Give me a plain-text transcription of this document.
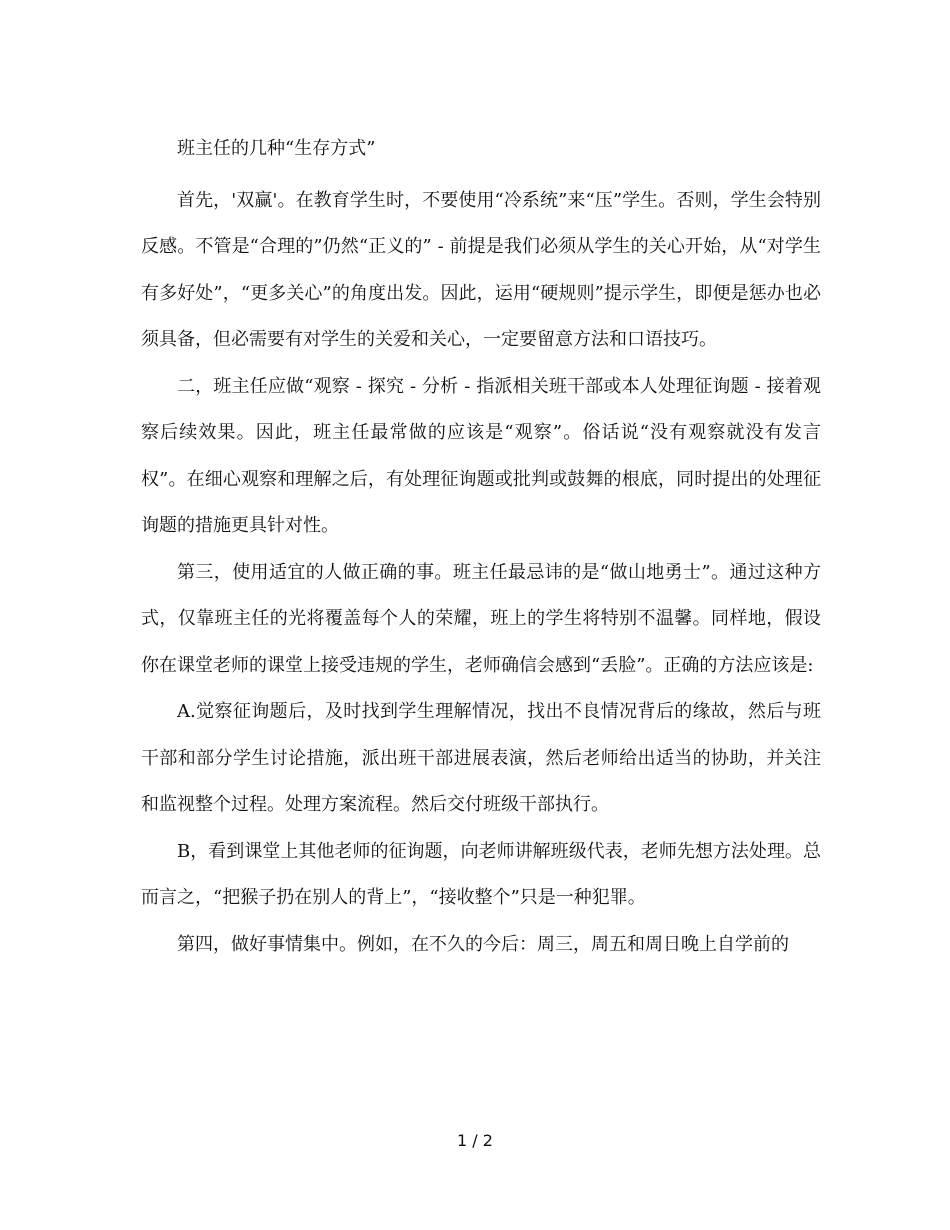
班主任的几种“生存方式”

首先，'双赢'。在教育学生时，不要使用“冷系统”来“压”学生。否则，学生会特别反感。不管是“合理的”仍然“正义的” - 前提是我们必须从学生的关心开始，从“对学生有多好处”，“更多关心”的角度出发。因此，运用“硬规则”提示学生，即便是惩办也必须具备，但必需要有对学生的关爱和关心，一定要留意方法和口语技巧。

二，班主任应做“观察 - 探究 - 分析 - 指派相关班干部或本人处理征询题 - 接着观察后续效果。因此，班主任最常做的应该是“观察”。俗话说“没有观察就没有发言权”。在细心观察和理解之后，有处理征询题或批判或鼓舞的根底，同时提出的处理征询题的措施更具针对性。

第三，使用适宜的人做正确的事。班主任最忌讳的是“做山地勇士”。通过这种方式，仅靠班主任的光将覆盖每个人的荣耀，班上的学生将特别不温馨。同样地，假设你在课堂老师的课堂上接受违规的学生，老师确信会感到“丢脸”。正确的方法应该是:

A.觉察征询题后，及时找到学生理解情况，找出不良情况背后的缘故，然后与班干部和部分学生讨论措施，派出班干部进展表演，然后老师给出适当的协助，并关注和监视整个过程。处理方案流程。然后交付班级干部执行。

B，看到课堂上其他老师的征询题，向老师讲解班级代表，老师先想方法处理。总而言之，“把猴子扔在别人的背上”，“接收整个”只是一种犯罪。

第四，做好事情集中。例如，在不久的今后：周三，周五和周日晚上自学前的

1 / 2
